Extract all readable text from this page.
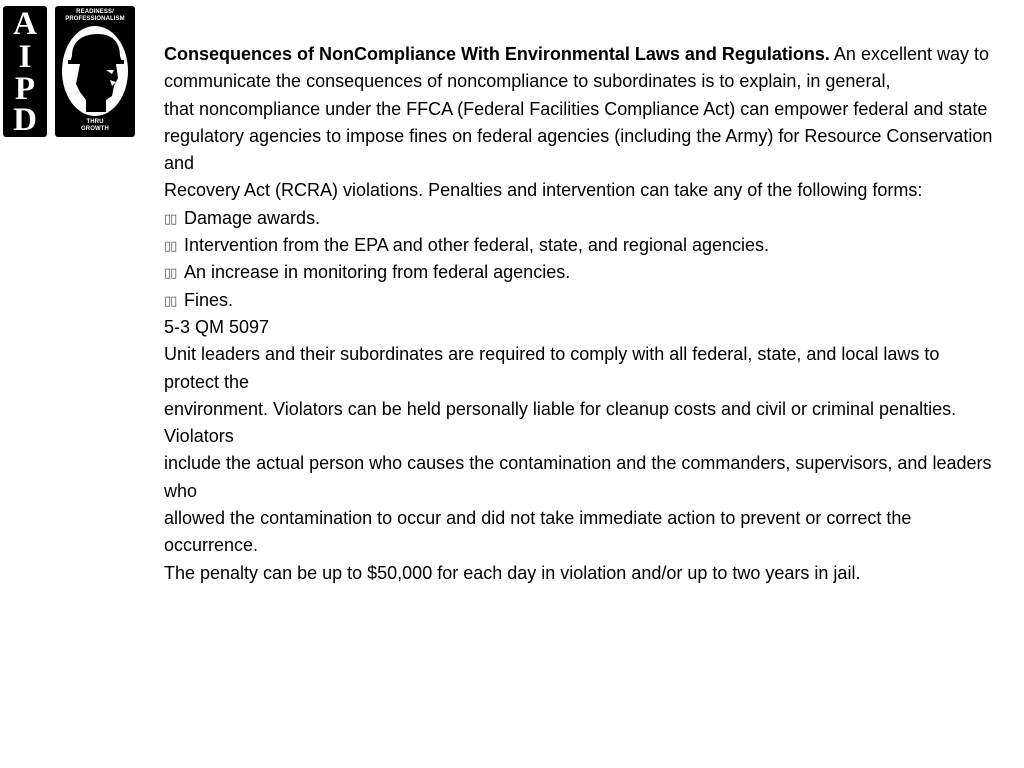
A
I
P
D
READINESS/
PROFESSIONALISM
THRU
GROWTH

Consequences of NonCompliance With Environmental Laws and Regulations. An excellent way to communicate the consequences of noncompliance to subordinates is to explain, in general,

that noncompliance under the FFCA (Federal Facilities Compliance Act) can empower federal and state

regulatory agencies to impose fines on federal agencies (including the Army) for Resource Conservation and

Recovery Act (RCRA) violations. Penalties and intervention can take any of the following forms:

▯▯ Damage awards.

▯▯ Intervention from the EPA and other federal, state, and regional agencies.

▯▯ An increase in monitoring from federal agencies.

▯▯ Fines.

5-3 QM 5097

Unit leaders and their subordinates are required to comply with all federal, state, and local laws to protect the

environment. Violators can be held personally liable for cleanup costs and civil or criminal penalties. Violators

include the actual person who causes the contamination and the commanders, supervisors, and leaders who

allowed the contamination to occur and did not take immediate action to prevent or correct the occurrence.

The penalty can be up to $50,000 for each day in violation and/or up to two years in jail.
